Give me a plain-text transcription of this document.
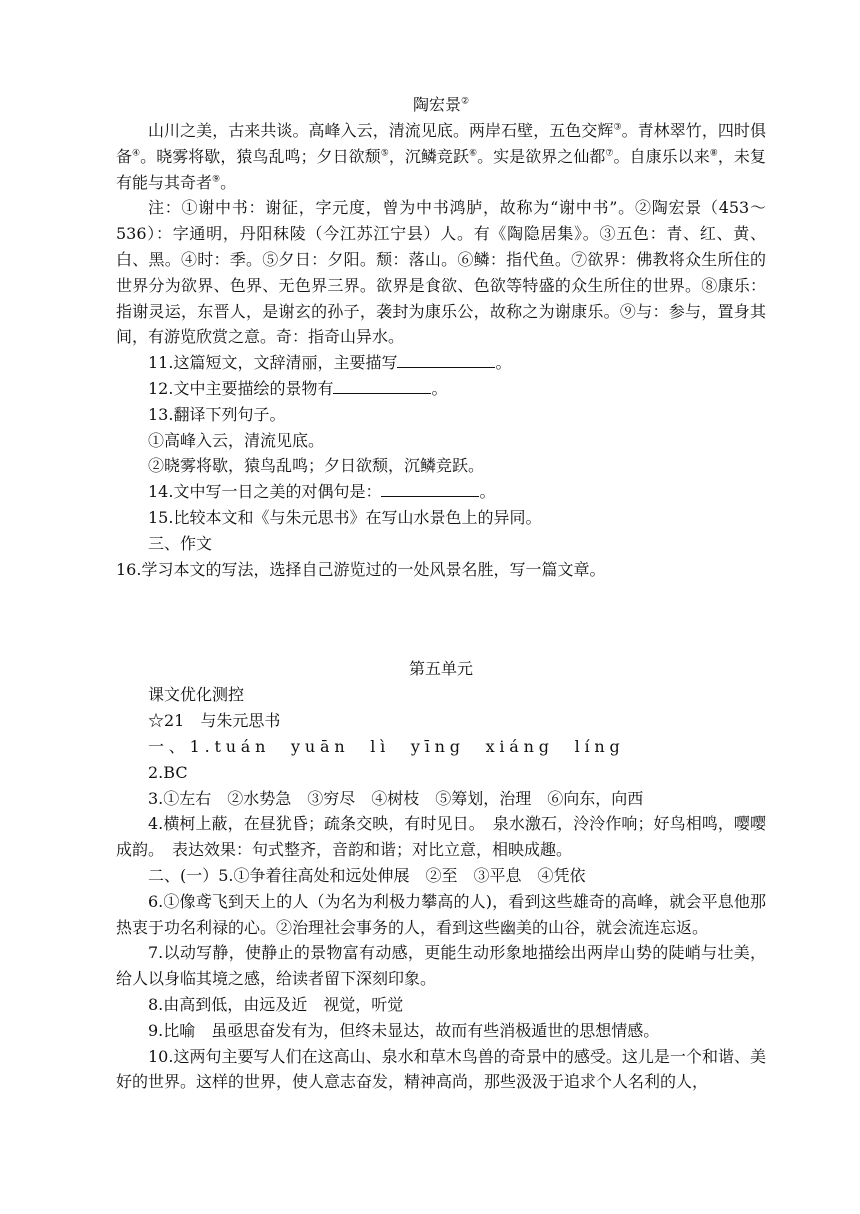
陶宏景②

山川之美，古来共谈。高峰入云，清流见底。两岸石壁，五色交辉③。青林翠竹，四时俱备④。晓雾将歇，猿鸟乱鸣；夕日欲颓⑤，沉鳞竞跃⑥。实是欲界之仙都⑦。自康乐以来⑧，未复有能与其奇者⑨。

注：①谢中书：谢征，字元度，曾为中书鸿胪，故称为“谢中书”。②陶宏景（453～536）：字通明，丹阳秣陵（今江苏江宁县）人。有《陶隐居集》。③五色：青、红、黄、白、黑。④时：季。⑤夕日：夕阳。颓：落山。⑥鳞：指代鱼。⑦欲界：佛教将众生所住的世界分为欲界、色界、无色界三界。欲界是食欲、色欲等特盛的众生所住的世界。⑧康乐：指谢灵运，东晋人，是谢玄的孙子，袭封为康乐公，故称之为谢康乐。⑨与：参与，置身其间，有游览欣赏之意。奇：指奇山异水。

11.这篇短文，文辞清丽，主要描写	。

12.文中主要描绘的景物有	。

13.翻译下列句子。

①高峰入云，清流见底。

②晓雾将歇，猿鸟乱鸣；夕日欲颓，沉鳞竞跃。

14.文中写一日之美的对偶句是：	。

15.比较本文和《与朱元思书》在写山水景色上的异同。

三、作文

16.学习本文的写法，选择自己游览过的一处风景名胜，写一篇文章。

第五单元

课文优化测控

☆21　与朱元思书

一、1.tuán　yuān　lì　yīng　xiáng　líng

2.BC

3.①左右　②水势急　③穷尽　④树枝　⑤筹划，治理　⑥向东，向西

4.横柯上蔽，在昼犹昏；疏条交映，有时见日。　泉水激石，泠泠作响；好鸟相鸣，嘤嘤成韵。　表达效果：句式整齐，音韵和谐；对比立意，相映成趣。

二、(一）5.①争着往高处和远处伸展　②至　③平息　④凭依

6.①像鸢飞到天上的人（为名为利极力攀高的人)，看到这些雄奇的高峰，就会平息他那热衷于功名利禄的心。②治理社会事务的人，看到这些幽美的山谷，就会流连忘返。

7.以动写静，使静止的景物富有动感，更能生动形象地描绘出两岸山势的陡峭与壮美，给人以身临其境之感，给读者留下深刻印象。

8.由高到低，由远及近　视觉，听觉

9.比喻　虽亟思奋发有为，但终未显达，故而有些消极遁世的思想情感。

10.这两句主要写人们在这高山、泉水和草木鸟兽的奇景中的感受。这儿是一个和谐、美好的世界。这样的世界，使人意志奋发，精神高尚，那些汲汲于追求个人名利的人，
